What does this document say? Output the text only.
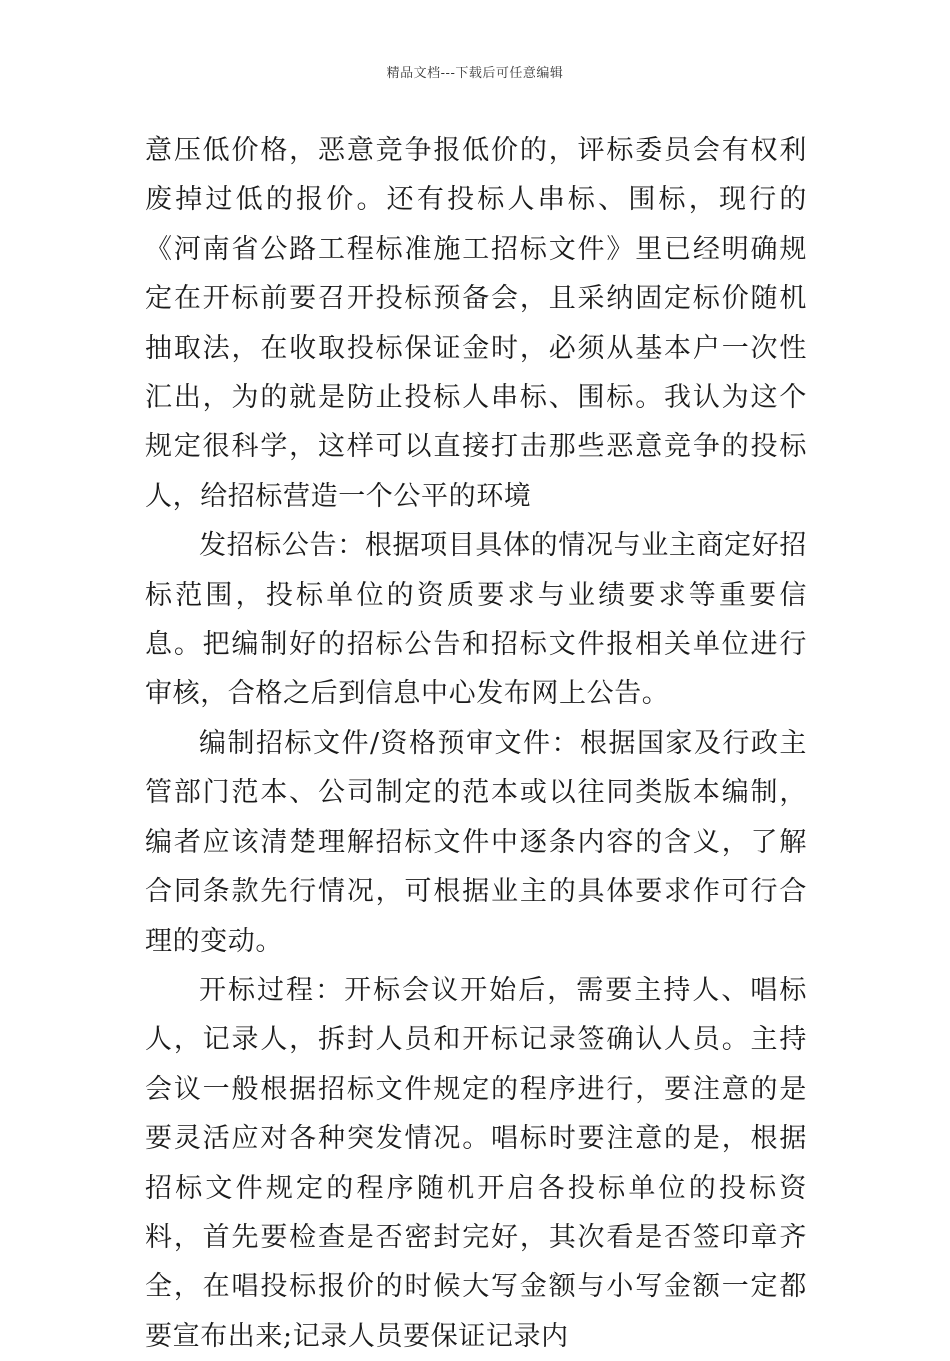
精品文档---下载后可任意编辑

意压低价格，恶意竞争报低价的，评标委员会有权利废掉过低的报价。还有投标人串标、围标，现行的《河南省公路工程标准施工招标文件》里已经明确规定在开标前要召开投标预备会，且采纳固定标价随机抽取法，在收取投标保证金时，必须从基本户一次性汇出，为的就是防止投标人串标、围标。我认为这个规定很科学，这样可以直接打击那些恶意竞争的投标人，给招标营造一个公平的环境

发招标公告：根据项目具体的情况与业主商定好招标范围，投标单位的资质要求与业绩要求等重要信息。把编制好的招标公告和招标文件报相关单位进行审核，合格之后到信息中心发布网上公告。

编制招标文件/资格预审文件：根据国家及行政主管部门范本、公司制定的范本或以往同类版本编制，编者应该清楚理解招标文件中逐条内容的含义，了解合同条款先行情况，可根据业主的具体要求作可行合理的变动。

开标过程：开标会议开始后，需要主持人、唱标人，记录人，拆封人员和开标记录签确认人员。主持会议一般根据招标文件规定的程序进行，要注意的是要灵活应对各种突发情况。唱标时要注意的是，根据招标文件规定的程序随机开启各投标单位的投标资料，首先要检查是否密封完好，其次看是否签印章齐全，在唱投标报价的时候大写金额与小写金额一定都要宣布出来;记录人员要保证记录内
